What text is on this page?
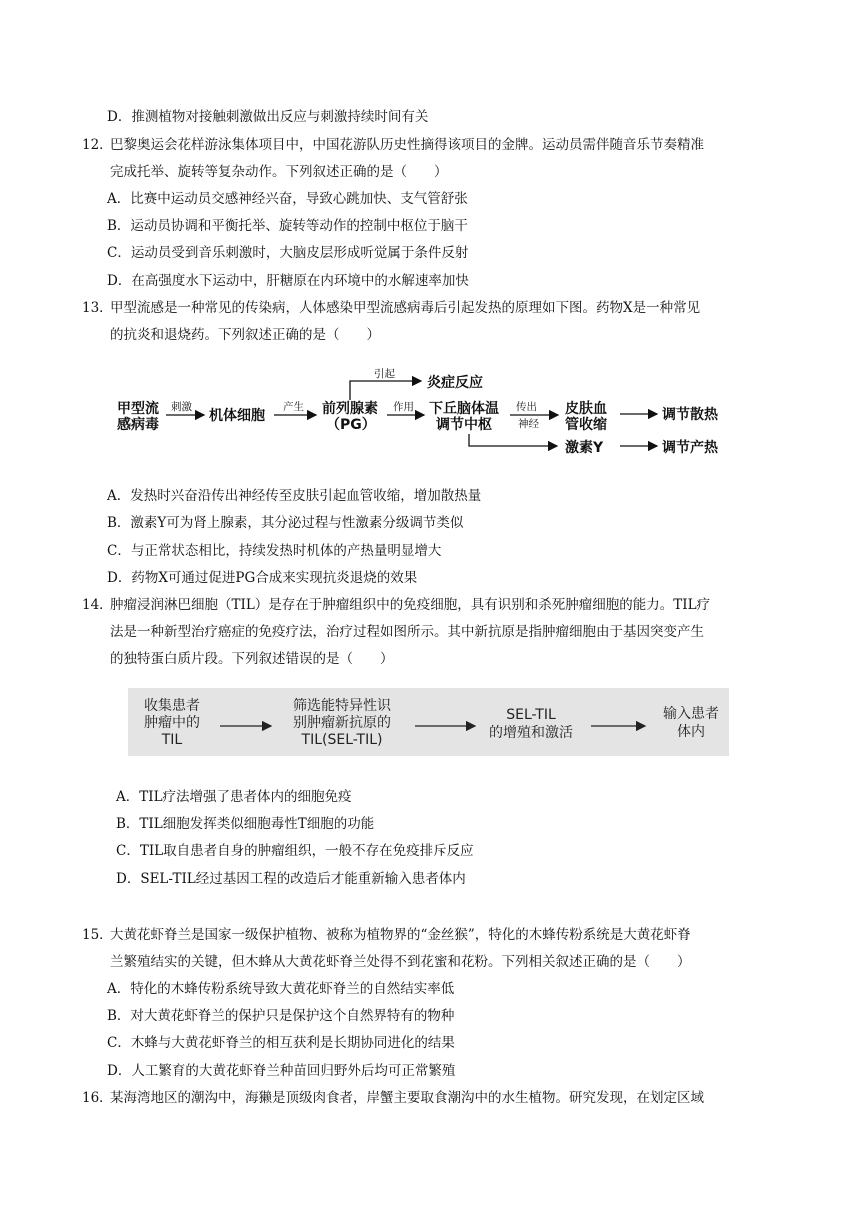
D．推测植物对接触刺激做出反应与刺激持续时间有关
12．
巴黎奥运会花样游泳集体项目中，中国花游队历史性摘得该项目的金牌。运动员需伴随音乐节奏精准
完成托举、旋转等复杂动作。下列叙述正确的是（　　）
A．比赛中运动员交感神经兴奋，导致心跳加快、支气管舒张
B．运动员协调和平衡托举、旋转等动作的控制中枢位于脑干
C．运动员受到音乐刺激时，大脑皮层形成听觉属于条件反射
D．在高强度水下运动中，肝糖原在内环境中的水解速率加快
13．
甲型流感是一种常见的传染病，人体感染甲型流感病毒后引起发热的原理如下图。药物X是一种常见
的抗炎和退烧药。下列叙述正确的是（　　）
甲型流
感病毒
机体细胞	前列腺素
（PG）
炎症反应
下丘脑体温
调节中枢
皮肤血
管收缩
激素Y
调节散热
调节产热
刺激	产生
引起
作用	传出
神经
A．发热时兴奋沿传出神经传至皮肤引起血管收缩，增加散热量
B．激素Y可为肾上腺素，其分泌过程与性激素分级调节类似
C．与正常状态相比，持续发热时机体的产热量明显增大
D．药物X可通过促进PG合成来实现抗炎退烧的效果
14．
肿瘤浸润淋巴细胞（TIL）是存在于肿瘤组织中的免疫细胞，具有识别和杀死肿瘤细胞的能力。TIL疗
法是一种新型治疗癌症的免疫疗法，治疗过程如图所示。其中新抗原是指肿瘤细胞由于基因突变产生
的独特蛋白质片段。下列叙述错误的是（　　）
收集患者
肿瘤中的
TIL
筛选能特异性识
别肿瘤新抗原的
TIL(SEL-TIL)
SEL-TIL
的增殖和激活
输入患者
体内
A．TIL疗法增强了患者体内的细胞免疫
B．TIL细胞发挥类似细胞毒性T细胞的功能
C．TIL取自患者自身的肿瘤组织，一般不存在免疫排斥反应
D．SEL-TIL经过基因工程的改造后才能重新输入患者体内
15．
大黄花虾脊兰是国家一级保护植物、被称为植物界的“金丝猴”，特化的木蜂传粉系统是大黄花虾脊
兰繁殖结实的关键，但木蜂从大黄花虾脊兰处得不到花蜜和花粉。下列相关叙述正确的是（　　）
A．特化的木蜂传粉系统导致大黄花虾脊兰的自然结实率低
B．对大黄花虾脊兰的保护只是保护这个自然界特有的物种
C．木蜂与大黄花虾脊兰的相互获利是长期协同进化的结果
D．人工繁育的大黄花虾脊兰种苗回归野外后均可正常繁殖
16．
某海湾地区的潮沟中，海獭是顶级肉食者，岸蟹主要取食潮沟中的水生植物。研究发现，在划定区域
